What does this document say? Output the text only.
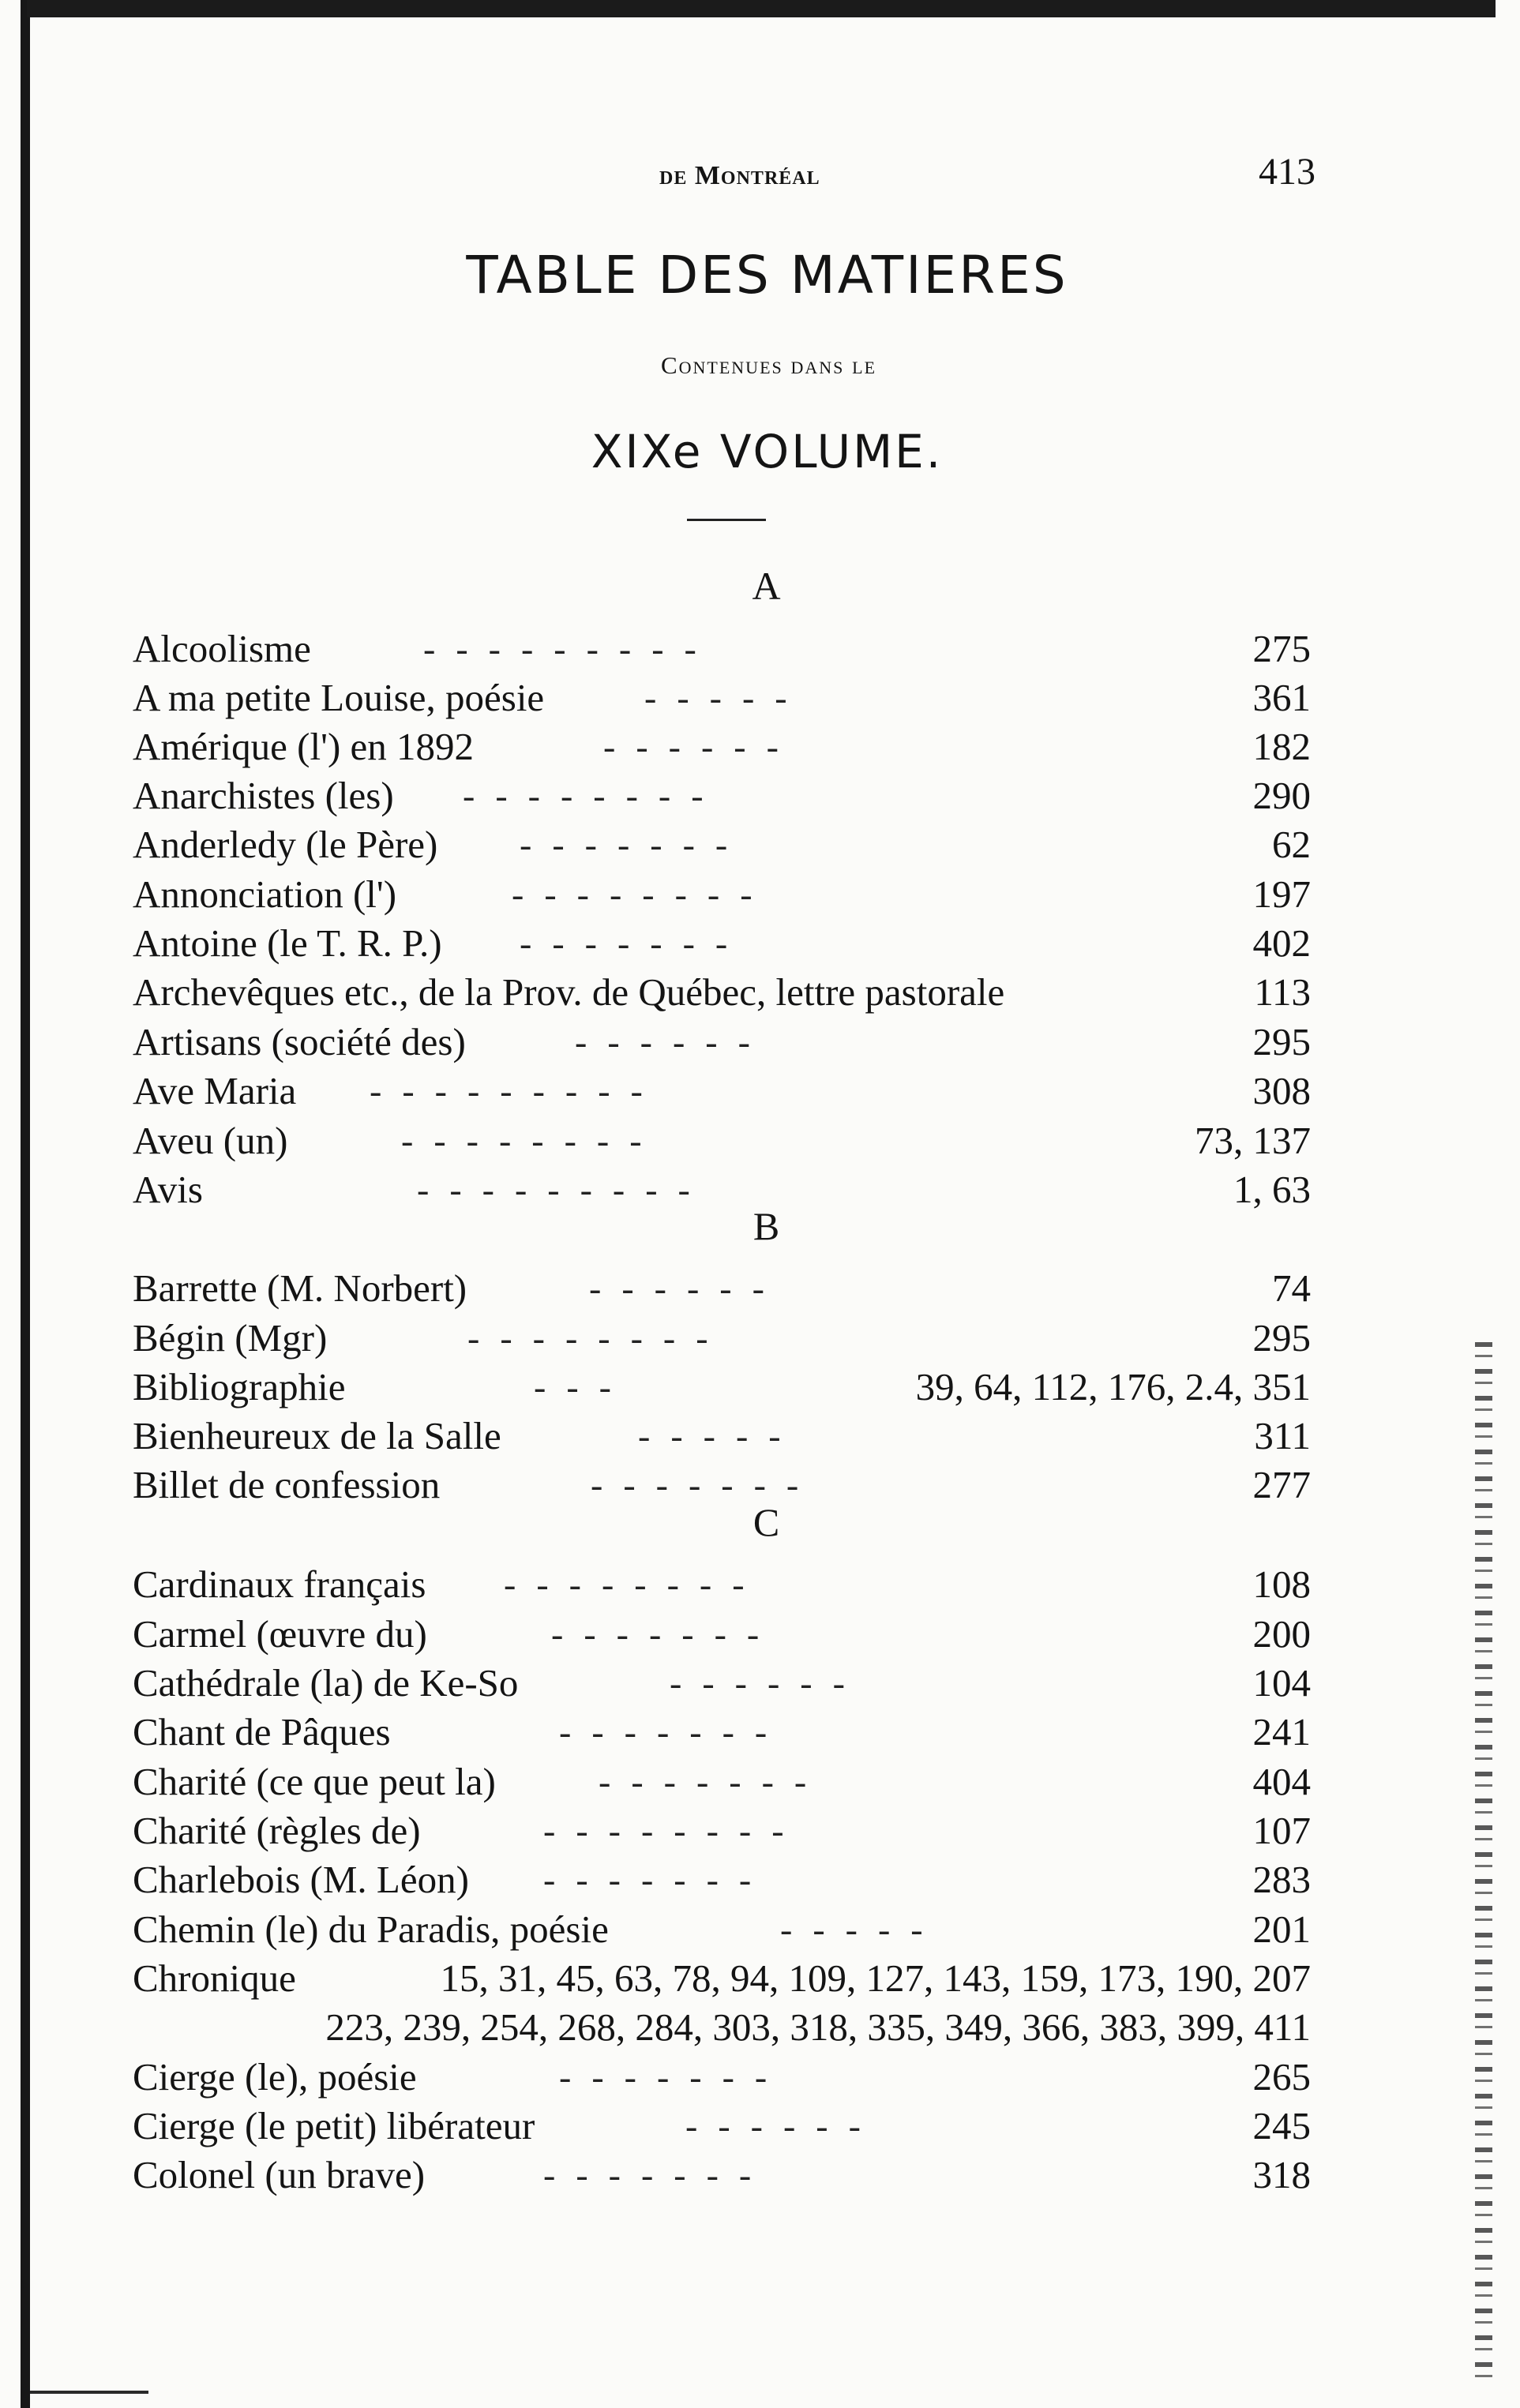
de Montréal	413
TABLE DES MATIERES
Contenues dans le
XIXe VOLUME.
A
Alcoolisme	---------	275
A ma petite Louise, poésie	-----	361
Amérique (l') en 1892	------	182
Anarchistes (les) --------	290
Anderledy (le Père) -------	62
Annonciation (l')	--------	197
Antoine (le T. R. P.) -------	402
Archevêques etc., de la Prov. de Québec, lettre pastorale	113
Artisans (société des)	------	295
Ave Maria ---------	308
Aveu (un)	--------	73, 137
Avis	---------	1, 63
B
Barrette (M. Norbert)	------	74
Bégin (Mgr)	--------	295
Bibliographie	---	39, 64, 112, 176, 2.4, 351
Bienheureux de la Salle	-----	311
Billet de confession	-------	277
C
Cardinaux français --------	108
Carmel (œuvre du)	-------	200
Cathédrale (la) de Ke-So	------	104
Chant de Pâques	-------	241
Charité (ce que peut la)	-------	404
Charité (règles de)	--------	107
Charlebois (M. Léon) -------	283
Chemin (le) du Paradis, poésie	-----	201
Chronique	15, 31, 45, 63, 78, 94, 109, 127, 143, 159, 173, 190, 207
223, 239, 254, 268, 284, 303, 318, 335, 349, 366, 383, 399, 411
Cierge (le), poésie	-------	265
Cierge (le petit) libérateur	------	245
Colonel (un brave)	-------	318
